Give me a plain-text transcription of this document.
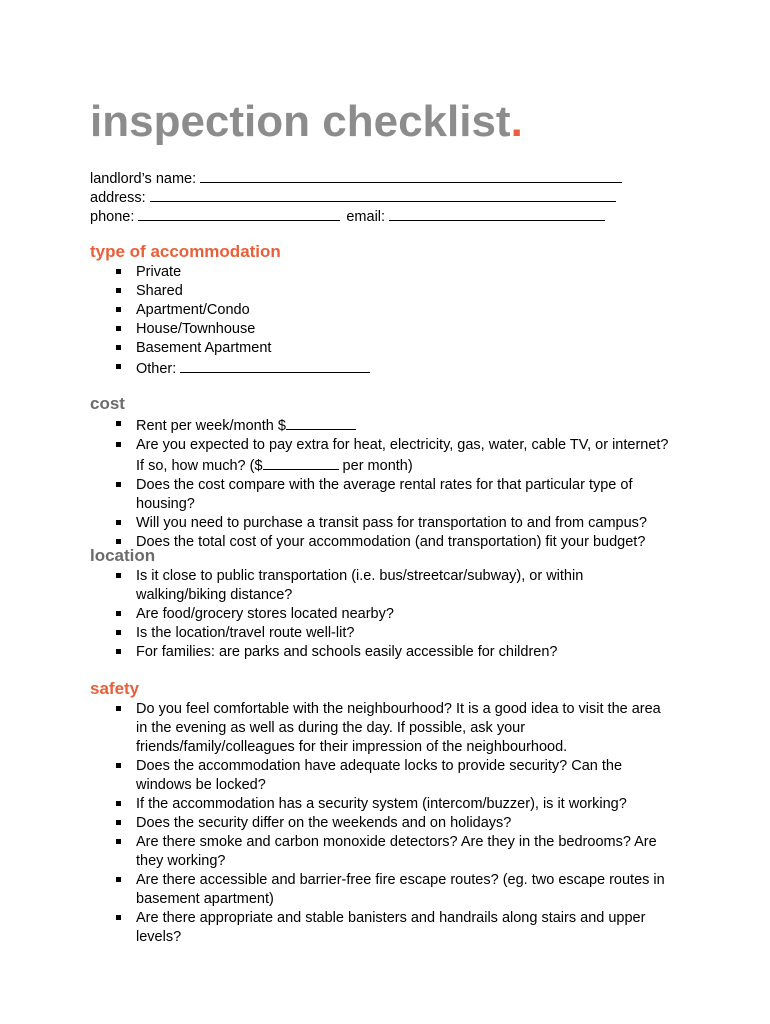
inspection checklist.
landlord’s name:
address:
phone:	email:
type of accommodation
Private
Shared
Apartment/Condo
House/Townhouse
Basement Apartment
Other:
cost
Rent per week/month $
Are you expected to pay extra for heat, electricity, gas, water, cable TV, or internet? If so, how much? ($	per month)
Does the cost compare with the average rental rates for that particular type of housing?
Will you need to purchase a transit pass for transportation to and from campus?
Does the total cost of your accommodation (and transportation) fit your budget?
location
Is it close to public transportation (i.e. bus/streetcar/subway), or within walking/biking distance?
Are food/grocery stores located nearby?
Is the location/travel route well-lit?
For families: are parks and schools easily accessible for children?
safety
Do you feel comfortable with the neighbourhood? It is a good idea to visit the area in the evening as well as during the day. If possible, ask your friends/family/colleagues for their impression of the neighbourhood.
Does the accommodation have adequate locks to provide security? Can the windows be locked?
If the accommodation has a security system (intercom/buzzer), is it working?
Does the security differ on the weekends and on holidays?
Are there smoke and carbon monoxide detectors? Are they in the bedrooms? Are they working?
Are there accessible and barrier-free fire escape routes? (eg. two escape routes in basement apartment)
Are there appropriate and stable banisters and handrails along stairs and upper levels?
